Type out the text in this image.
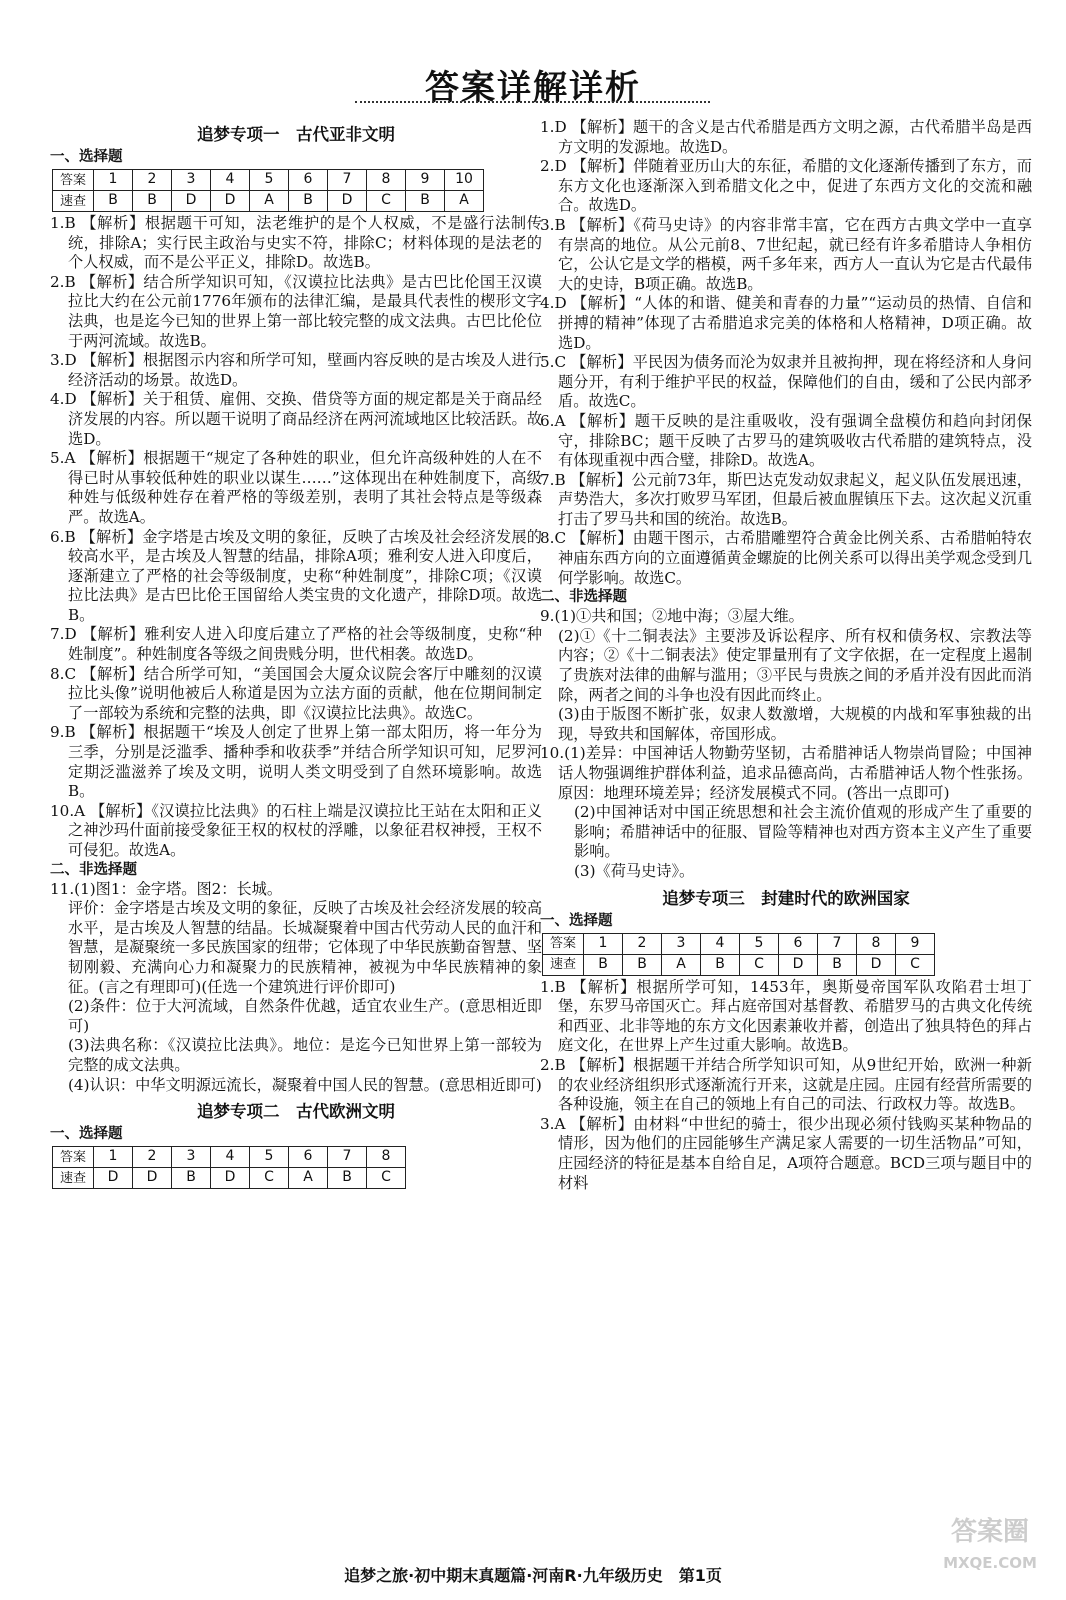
答案详解详析
追梦专项一　古代亚非文明

一、选择题

答案	1	2	3	4	5	6	7	8	9	10
速查	B	B	D	D	A	B	D	C	B	A

1.B 【解析】根据题干可知，法老维护的是个人权威，不是盛行法制传统，排除A；实行民主政治与史实不符，排除C；材料体现的是法老的个人权威，而不是公平正义，排除D。故选B。

2.B 【解析】结合所学知识可知，《汉谟拉比法典》是古巴比伦国王汉谟拉比大约在公元前1776年颁布的法律汇编，是最具代表性的楔形文字法典，也是迄今已知的世界上第一部比较完整的成文法典。古巴比伦位于两河流域。故选B。

3.D 【解析】根据图示内容和所学可知，壁画内容反映的是古埃及人进行经济活动的场景。故选D。

4.D 【解析】关于租赁、雇佣、交换、借贷等方面的规定都是关于商品经济发展的内容。所以题干说明了商品经济在两河流域地区比较活跃。故选D。

5.A 【解析】根据题干“规定了各种姓的职业，但允许高级种姓的人在不得已时从事较低种姓的职业以谋生……”这体现出在种姓制度下，高级种姓与低级种姓存在着严格的等级差别，表明了其社会特点是等级森严。故选A。

6.B 【解析】金字塔是古埃及文明的象征，反映了古埃及社会经济发展的较高水平，是古埃及人智慧的结晶，排除A项；雅利安人进入印度后，逐渐建立了严格的社会等级制度，史称“种姓制度”，排除C项；《汉谟拉比法典》是古巴比伦王国留给人类宝贵的文化遗产，排除D项。故选B。

7.D 【解析】雅利安人进入印度后建立了严格的社会等级制度，史称“种姓制度”。种姓制度各等级之间贵贱分明，世代相袭。故选D。

8.C 【解析】结合所学可知，“美国国会大厦众议院会客厅中雕刻的汉谟拉比头像”说明他被后人称道是因为立法方面的贡献，他在位期间制定了一部较为系统和完整的法典，即《汉谟拉比法典》。故选C。

9.B 【解析】根据题干“埃及人创定了世界上第一部太阳历，将一年分为三季，分别是泛滥季、播种季和收获季”并结合所学知识可知，尼罗河定期泛滥滋养了埃及文明，说明人类文明受到了自然环境影响。故选B。

10.A 【解析】《汉谟拉比法典》的石柱上端是汉谟拉比王站在太阳和正义之神沙玛什面前接受象征王权的权杖的浮雕，以象征君权神授，王权不可侵犯。故选A。

二、非选择题

11.(1)图1：金字塔。图2：长城。

评价：金字塔是古埃及文明的象征，反映了古埃及社会经济发展的较高水平，是古埃及人智慧的结晶。长城凝聚着中国古代劳动人民的血汗和智慧，是凝聚统一多民族国家的纽带；它体现了中华民族勤奋智慧、坚韧刚毅、充满向心力和凝聚力的民族精神，被视为中华民族精神的象征。(言之有理即可)(任选一个建筑进行评价即可)

(2)条件：位于大河流域，自然条件优越，适宜农业生产。(意思相近即可)

(3)法典名称：《汉谟拉比法典》。地位：是迄今已知世界上第一部较为完整的成文法典。

(4)认识：中华文明源远流长，凝聚着中国人民的智慧。(意思相近即可)

追梦专项二　古代欧洲文明

一、选择题

答案	1	2	3	4	5	6	7	8
速查	D	D	B	D	C	A	B	C

1.D 【解析】题干的含义是古代希腊是西方文明之源，古代希腊半岛是西方文明的发源地。故选D。

2.D 【解析】伴随着亚历山大的东征，希腊的文化逐渐传播到了东方，而东方文化也逐渐深入到希腊文化之中，促进了东西方文化的交流和融合。故选D。

3.B 【解析】《荷马史诗》的内容非常丰富，它在西方古典文学中一直享有崇高的地位。从公元前8、7世纪起，就已经有许多希腊诗人争相仿它，公认它是文学的楷模，两千多年来，西方人一直认为它是古代最伟大的史诗，B项正确。故选B。

4.D 【解析】“人体的和谐、健美和青春的力量”“运动员的热情、自信和拼搏的精神”体现了古希腊追求完美的体格和人格精神，D项正确。故选D。

5.C 【解析】平民因为债务而沦为奴隶并且被拘押，现在将经济和人身问题分开，有利于维护平民的权益，保障他们的自由，缓和了公民内部矛盾。故选C。

6.A 【解析】题干反映的是注重吸收，没有强调全盘模仿和趋向封闭保守，排除BC；题干反映了古罗马的建筑吸收古代希腊的建筑特点，没有体现重视中西合璧，排除D。故选A。

7.B 【解析】公元前73年，斯巴达克发动奴隶起义，起义队伍发展迅速，声势浩大，多次打败罗马军团，但最后被血腥镇压下去。这次起义沉重打击了罗马共和国的统治。故选B。

8.C 【解析】由题干图示，古希腊雕塑符合黄金比例关系、古希腊帕特农神庙东西方向的立面遵循黄金螺旋的比例关系可以得出美学观念受到几何学影响。故选C。

二、非选择题

9.(1)①共和国；②地中海；③屋大维。

(2)①《十二铜表法》主要涉及诉讼程序、所有权和债务权、宗教法等内容；②《十二铜表法》使定罪量刑有了文字依据，在一定程度上遏制了贵族对法律的曲解与滥用；③平民与贵族之间的矛盾并没有因此而消除，两者之间的斗争也没有因此而终止。

(3)由于版图不断扩张，奴隶人数激增，大规模的内战和军事独裁的出现，导致共和国解体，帝国形成。

10.(1)差异：中国神话人物勤劳坚韧，古希腊神话人物崇尚冒险；中国神话人物强调维护群体利益，追求品德高尚，古希腊神话人物个性张扬。原因：地理环境差异；经济发展模式不同。(答出一点即可)

(2)中国神话对中国正统思想和社会主流价值观的形成产生了重要的影响；希腊神话中的征服、冒险等精神也对西方资本主义产生了重要影响。

(3)《荷马史诗》。

追梦专项三　封建时代的欧洲国家

一、选择题

答案	1	2	3	4	5	6	7	8	9
速查	B	B	A	B	C	D	B	D	C

1.B 【解析】根据所学可知，1453年，奥斯曼帝国军队攻陷君士坦丁堡，东罗马帝国灭亡。拜占庭帝国对基督教、希腊罗马的古典文化传统和西亚、北非等地的东方文化因素兼收并蓄，创造出了独具特色的拜占庭文化，在世界上产生过重大影响。故选B。

2.B 【解析】根据题干并结合所学知识可知，从9世纪开始，欧洲一种新的农业经济组织形式逐渐流行开来，这就是庄园。庄园有经营所需要的各种设施，领主在自己的领地上有自己的司法、行政权力等。故选B。

3.A 【解析】由材料“中世纪的骑士，很少出现必须付钱购买某种物品的情形，因为他们的庄园能够生产满足家人需要的一切生活物品”可知，庄园经济的特征是基本自给自足，A项符合题意。BCD三项与题目中的材料

追梦之旅·初中期末真题篇·河南R·九年级历史　第1页
答案圈
MXQE.COM
